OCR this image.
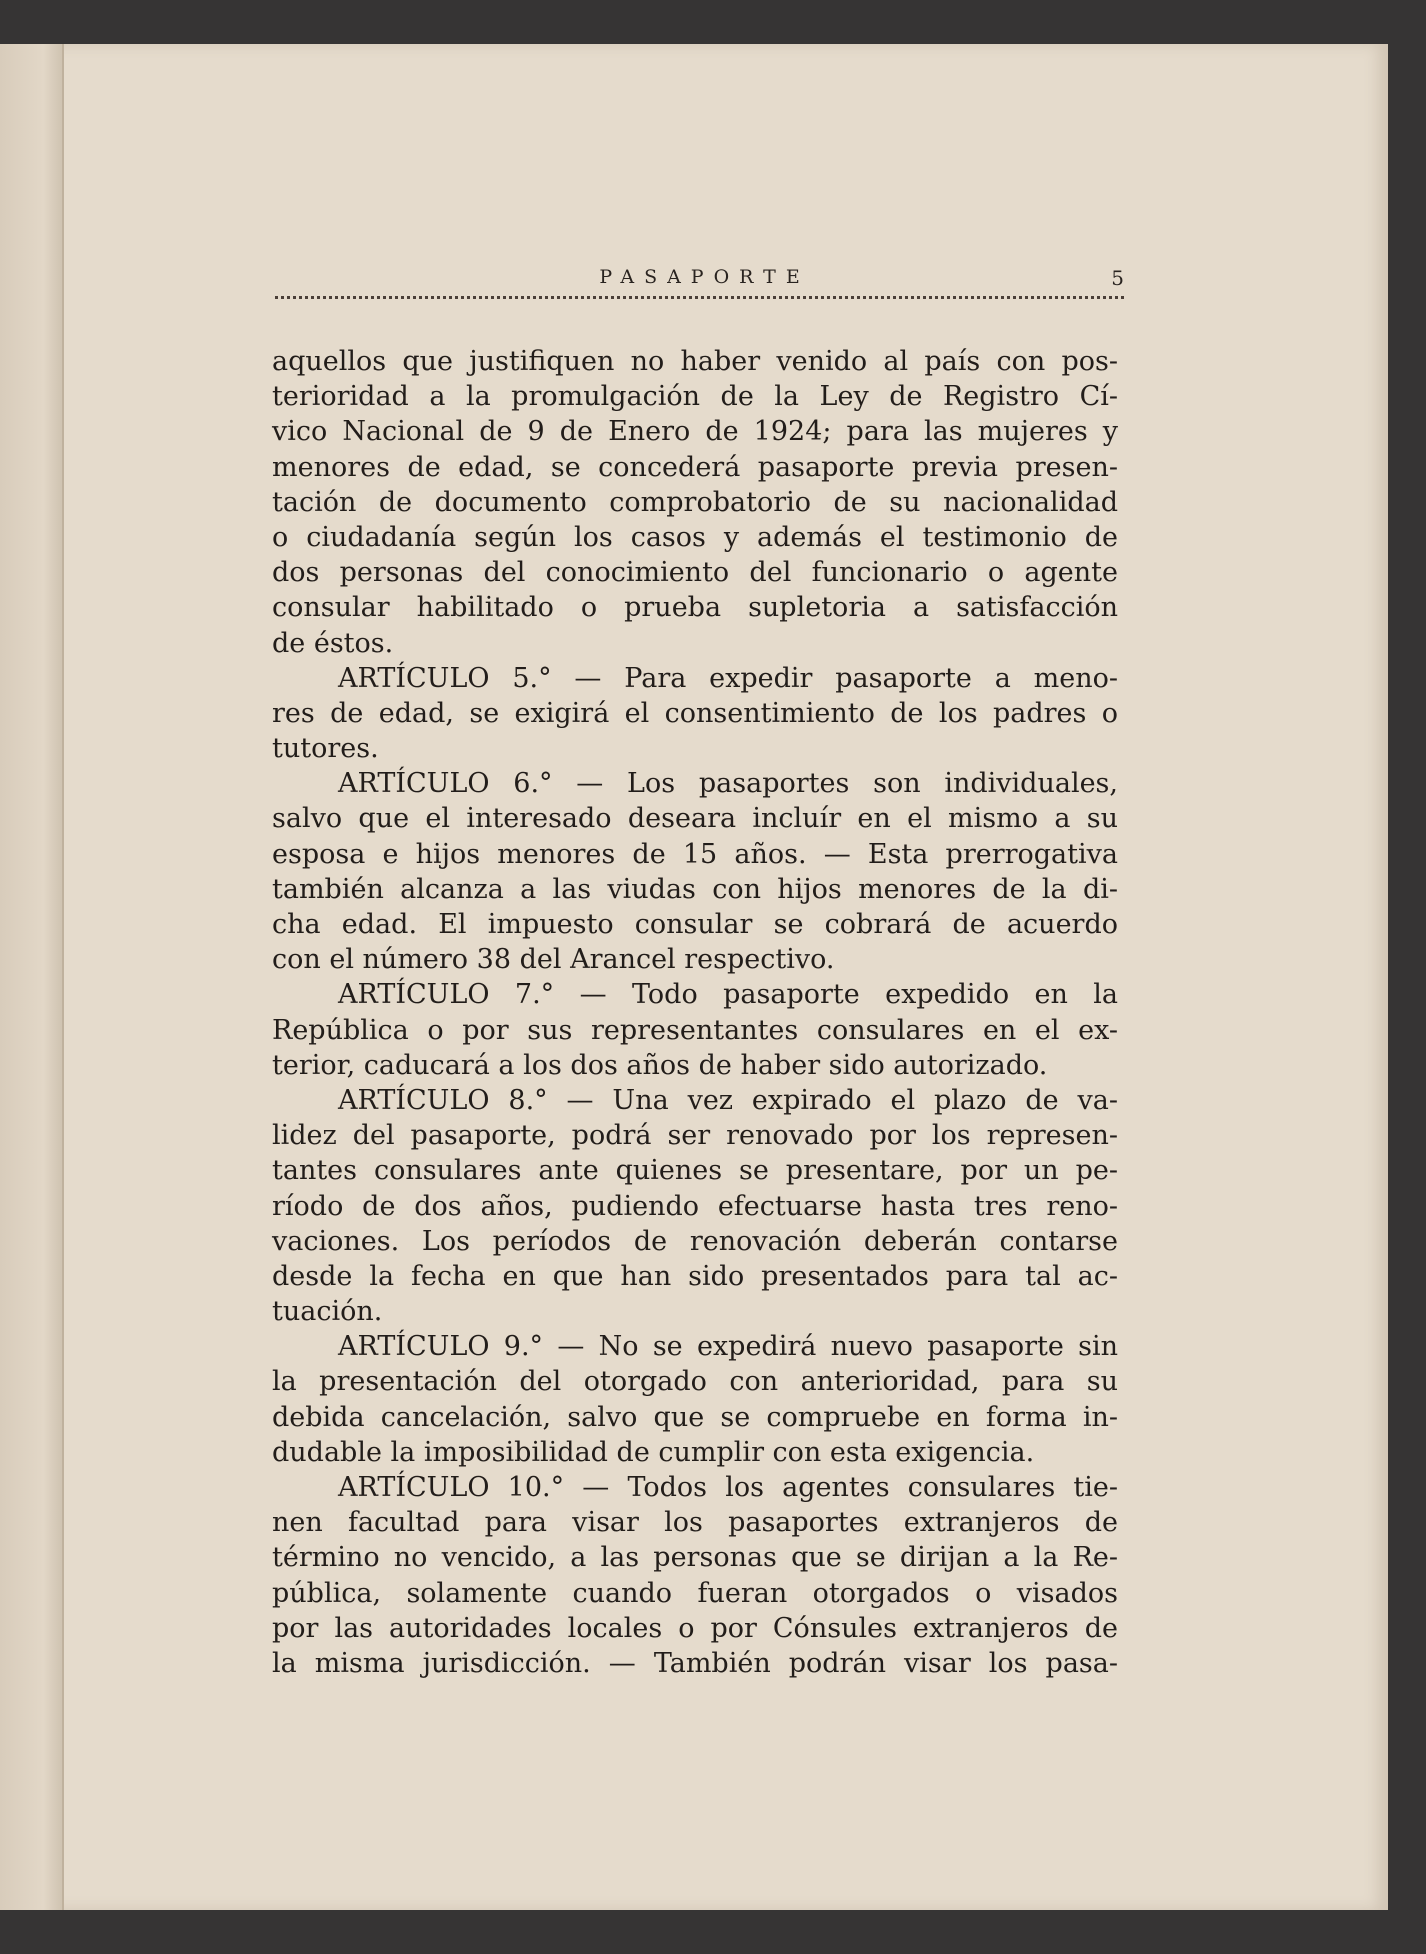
PASAPORTE	5
aquellos que justifiquen no haber venido al país con pos-
terioridad a la promulgación de la Ley de Registro Cí-
vico Nacional de 9 de Enero de 1924; para las mujeres y
menores de edad, se concederá pasaporte previa presen-
tación de documento comprobatorio de su nacionalidad
o ciudadanía según los casos y además el testimonio de
dos personas del conocimiento del funcionario o agente
consular habilitado o prueba supletoria a satisfacción
de éstos.
ARTÍCULO 5.° — Para expedir pasaporte a meno-
res de edad, se exigirá el consentimiento de los padres o
tutores.
ARTÍCULO 6.° — Los pasaportes son individuales,
salvo que el interesado deseara incluír en el mismo a su
esposa e hijos menores de 15 años. — Esta prerrogativa
también alcanza a las viudas con hijos menores de la di-
cha edad. El impuesto consular se cobrará de acuerdo
con el número 38 del Arancel respectivo.
ARTÍCULO 7.° — Todo pasaporte expedido en la
República o por sus representantes consulares en el ex-
terior, caducará a los dos años de haber sido autorizado.
ARTÍCULO 8.° — Una vez expirado el plazo de va-
lidez del pasaporte, podrá ser renovado por los represen-
tantes consulares ante quienes se presentare, por un pe-
ríodo de dos años, pudiendo efectuarse hasta tres reno-
vaciones. Los períodos de renovación deberán contarse
desde la fecha en que han sido presentados para tal ac-
tuación.
ARTÍCULO 9.° — No se expedirá nuevo pasaporte sin
la presentación del otorgado con anterioridad, para su
debida cancelación, salvo que se compruebe en forma in-
dudable la imposibilidad de cumplir con esta exigencia.
ARTÍCULO 10.° — Todos los agentes consulares tie-
nen facultad para visar los pasaportes extranjeros de
término no vencido, a las personas que se dirijan a la Re-
pública, solamente cuando fueran otorgados o visados
por las autoridades locales o por Cónsules extranjeros de
la misma jurisdicción. — También podrán visar los pasa-
